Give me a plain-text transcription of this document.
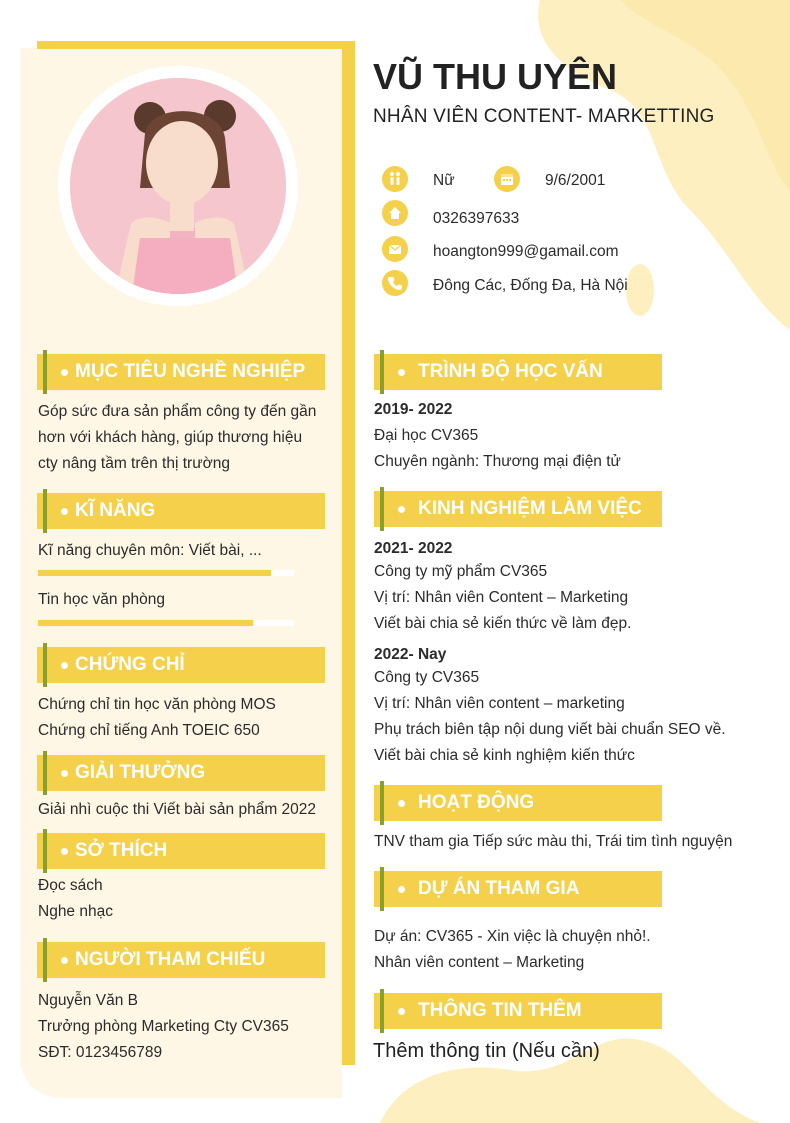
VŨ THU UYÊN
NHÂN VIÊN CONTENT- MARKETTING
Nữ	9/6/2001
0326397633
hoangton999@gamail.com
Đông Các, Đống Đa, Hà Nội
MỤC TIÊU NGHỀ NGHIỆP
Góp sức đưa sản phẩm công ty đến gần
hơn với khách hàng, giúp thương hiệu
cty nâng tầm trên thị trường
KĨ NĂNG
Kĩ năng chuyên môn: Viết bài, ...
Tin học văn phòng
CHỨNG CHỈ
Chứng chỉ tin học văn phòng MOS
Chứng chỉ tiếng Anh TOEIC 650
GIẢI THƯỞNG
Giải nhì cuộc thi Viết bài sản phẩm 2022
SỞ THÍCH
Đọc sách
Nghe nhạc
NGƯỜI THAM CHIẾU
Nguyễn Văn B
Trưởng phòng Marketing Cty CV365
SĐT: 0123456789
TRÌNH ĐỘ HỌC VẤN
2019- 2022
Đại học CV365
Chuyên ngành: Thương mại điện tử
KINH NGHIỆM LÀM VIỆC
2021- 2022
Công ty mỹ phẩm CV365
Vị trí: Nhân viên Content – Marketing
Viết bài chia sẻ kiến thức về làm đẹp.
2022- Nay
Công ty CV365
Vị trí: Nhân viên content – marketing
Phụ trách biên tập nội dung viết bài chuẩn SEO về.
Viết bài chia sẻ kinh nghiệm kiến thức
HOẠT ĐỘNG
TNV tham gia Tiếp sức màu thi, Trái tim tình nguyện
DỰ ÁN THAM GIA
Dự án: CV365 - Xin việc là chuyện nhỏ!.
Nhân viên content – Marketing
THÔNG TIN THÊM
Thêm thông tin (Nếu cần)
